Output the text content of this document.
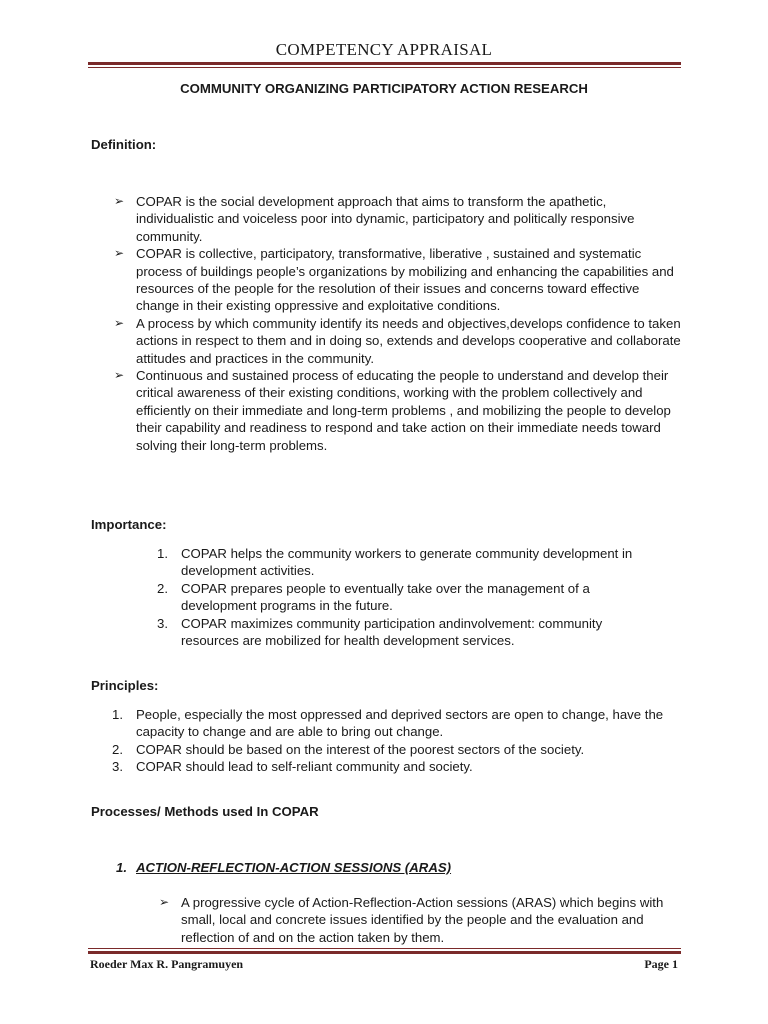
COMPETENCY APPRAISAL
COMMUNITY ORGANIZING PARTICIPATORY ACTION RESEARCH
Definition:
➢ COPAR is the social development approach that aims to transform the apathetic, individualistic and voiceless poor into dynamic, participatory and politically responsive community.
➢ COPAR is collective, participatory, transformative, liberative , sustained and systematic process of buildings people’s organizations by mobilizing and enhancing the capabilities and resources of the people for the resolution of their issues and concerns toward effective change in their existing oppressive and exploitative conditions.
➢ A process by which community identify its needs and objectives,develops confidence to taken actions in respect to them and in doing so, extends and develops cooperative and collaborate attitudes and practices in the community.
➢ Continuous and sustained process of educating the people to understand and develop their critical awareness of their existing conditions, working with the problem collectively and efficiently on their immediate and long-term problems , and mobilizing the people to develop their capability and readiness to respond and take action on their immediate needs toward solving their long-term problems.
Importance:
1. COPAR helps the community workers to generate community development in development activities.
2. COPAR prepares people to eventually take over the management of a development programs in the future.
3. COPAR maximizes community participation andinvolvement: community resources are mobilized for health development services.
Principles:
1. People, especially the most oppressed and deprived sectors are open to change, have the capacity to change and are able to bring out change.
2. COPAR should be based on the interest of the poorest sectors of the society.
3. COPAR should lead to self-reliant community and society.
Processes/ Methods used In COPAR
1. ACTION-REFLECTION-ACTION SESSIONS (ARAS)
➢ A progressive cycle of Action-Reflection-Action sessions (ARAS) which begins with small, local and concrete issues identified by the people and the evaluation and reflection of and on the action taken by them.
Roeder Max R. Pangramuyen	Page 1
